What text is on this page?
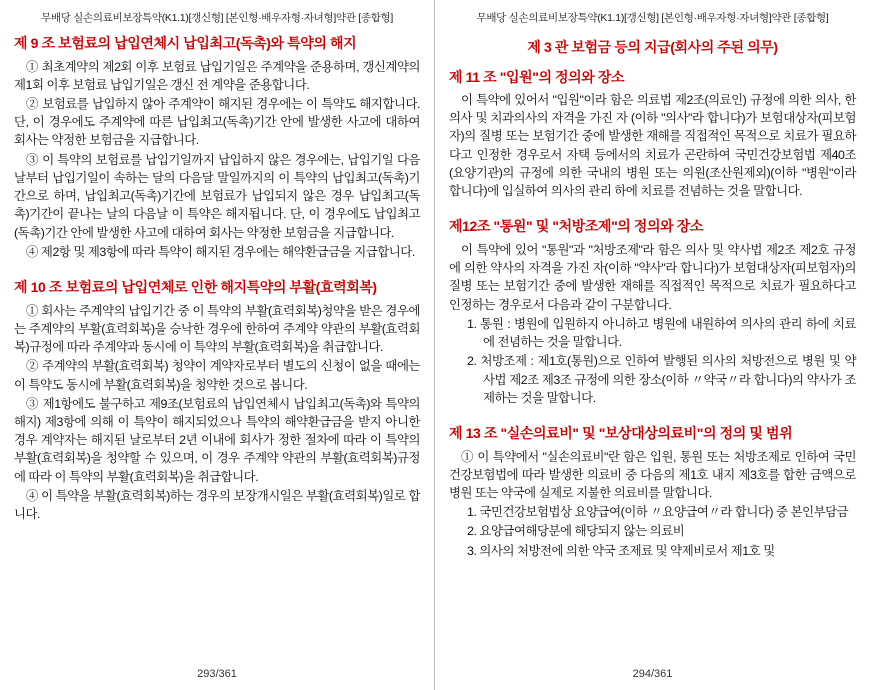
무배당 실손의료비보장특약(K1.1)[갱신형] [본인형·배우자형·자녀형]약관 [종합형]
제 9 조 보험료의 납입연체시 납입최고(독촉)와 특약의 해지

① 최초계약의 제2회 이후 보험료 납입기일은 주계약을 준용하며, 갱신계약의 제1회 이후 보험료 납입기일은 갱신 전 계약을 준용합니다.

② 보험료를 납입하지 않아 주계약이 해지된 경우에는 이 특약도 해지합니다. 단, 이 경우에도 주계약에 따른 납입최고(독촉)기간 안에 발생한 사고에 대하여 회사는 약정한 보험금을 지급합니다.

③ 이 특약의 보험료를 납입기일까지 납입하지 않은 경우에는, 납입기일 다음날부터 납입기일이 속하는 달의 다음달 말일까지의 이 특약의 납입최고(독촉)기간으로 하며, 납입최고(독촉)기간에 보험료가 납입되지 않은 경우 납입최고(독촉)기간이 끝나는 날의 다음날 이 특약은 해지됩니다. 단, 이 경우에도 납입최고(독촉)기간 안에 발생한 사고에 대하여 회사는 약정한 보험금을 지급합니다.

④ 제2항 및 제3항에 따라 특약이 해지된 경우에는 해약환급금을 지급합니다.

제 10 조 보험료의 납입연체로 인한 해지특약의 부활(효력회복)

① 회사는 주계약의 납입기간 중 이 특약의 부활(효력회복)청약을 받은 경우에는 주계약의 부활(효력회복)을 승낙한 경우에 한하여 주계약 약관의 부활(효력회복)규정에 따라 주계약과 동시에 이 특약의 부활(효력회복)을 취급합니다.

② 주계약의 부활(효력회복) 청약이 계약자로부터 별도의 신청이 없을 때에는 이 특약도 동시에 부활(효력회복)을 청약한 것으로 봅니다.

③ 제1항에도 불구하고 제9조(보험료의 납입연체시 납입최고(독촉)와 특약의 해지) 제3항에 의해 이 특약이 해지되었으나 특약의 해약환급금을 받지 아니한 경우 계약자는 해지된 날로부터 2년 이내에 회사가 정한 절차에 따라 이 특약의 부활(효력회복)을 청약할 수 있으며, 이 경우 주계약 약관의 부활(효력회복)규정에 따라 이 특약의 부활(효력회복)을 취급합니다.

④ 이 특약을 부활(효력회복)하는 경우의 보장개시일은 부활(효력회복)일로 합니다.

293/361
무배당 실손의료비보장특약(K1.1)[갱신형] [본인형·배우자형·자녀형]약관 [종합형]
제 3 관 보험금 등의 지급(회사의 주된 의무)
제 11 조 "입원"의 정의와 장소

이 특약에 있어서 "입원"이라 함은 의료법 제2조(의료인) 규정에 의한 의사, 한의사 및 치과의사의 자격을 가진 자 (이하 "의사"라 합니다)가 보험대상자(피보험자)의 질병 또는 보험기간 중에 발생한 재해를 직접적인 목적으로 치료가 필요하다고 인정한 경우로서 자택 등에서의 치료가 곤란하여 국민건강보험법 제40조 (요양기관)의 규정에 의한 국내의 병원 또는 의원(조산원제외)(이하 "병원"이라 합니다)에 입실하여 의사의 관리 하에 치료를 전념하는 것을 말합니다.

제12조 "통원" 및 "처방조제"의 정의와 장소

이 특약에 있어 "통원"과 "처방조제"라 함은 의사 및 약사법 제2조 제2호 규정에 의한 약사의 자격을 가진 자(이하 "약사"라 합니다)가 보험대상자(피보험자)의 질병 또는 보험기간 중에 발생한 재해를 직접적인 목적으로 치료가 필요하다고 인정하는 경우로서 다음과 같이 구분합니다.

1. 통원 : 병원에 입원하지 아니하고 병원에 내원하여 의사의 관리 하에 치료에 전념하는 것을 말합니다.

2. 처방조제 : 제1호(통원)으로 인하여 발행된 의사의 처방전으로 병원 및 약사법 제2조 제3조 규정에 의한 장소(이하 〃약국〃라 합니다)의 약사가 조제하는 것을 말합니다.

제 13 조 "실손의료비" 및 "보상대상의료비"의 정의 및 범위

① 이 특약에서 "실손의료비"란 함은 입원, 통원 또는 처방조제로 인하여 국민건강보험법에 따라 발생한 의료비 중 다음의 제1호 내지 제3호를 합한 금액으로 병원 또는 약국에 실제로 지불한 의료비를 말합니다.

1. 국민건강보험법상 요양급여(이하 〃요양급여〃라 합니다) 중 본인부담금

2. 요양급여해당분에 해당되지 않는 의료비

3. 의사의 처방전에 의한 약국 조제료 및 약제비로서 제1호 및

294/361
